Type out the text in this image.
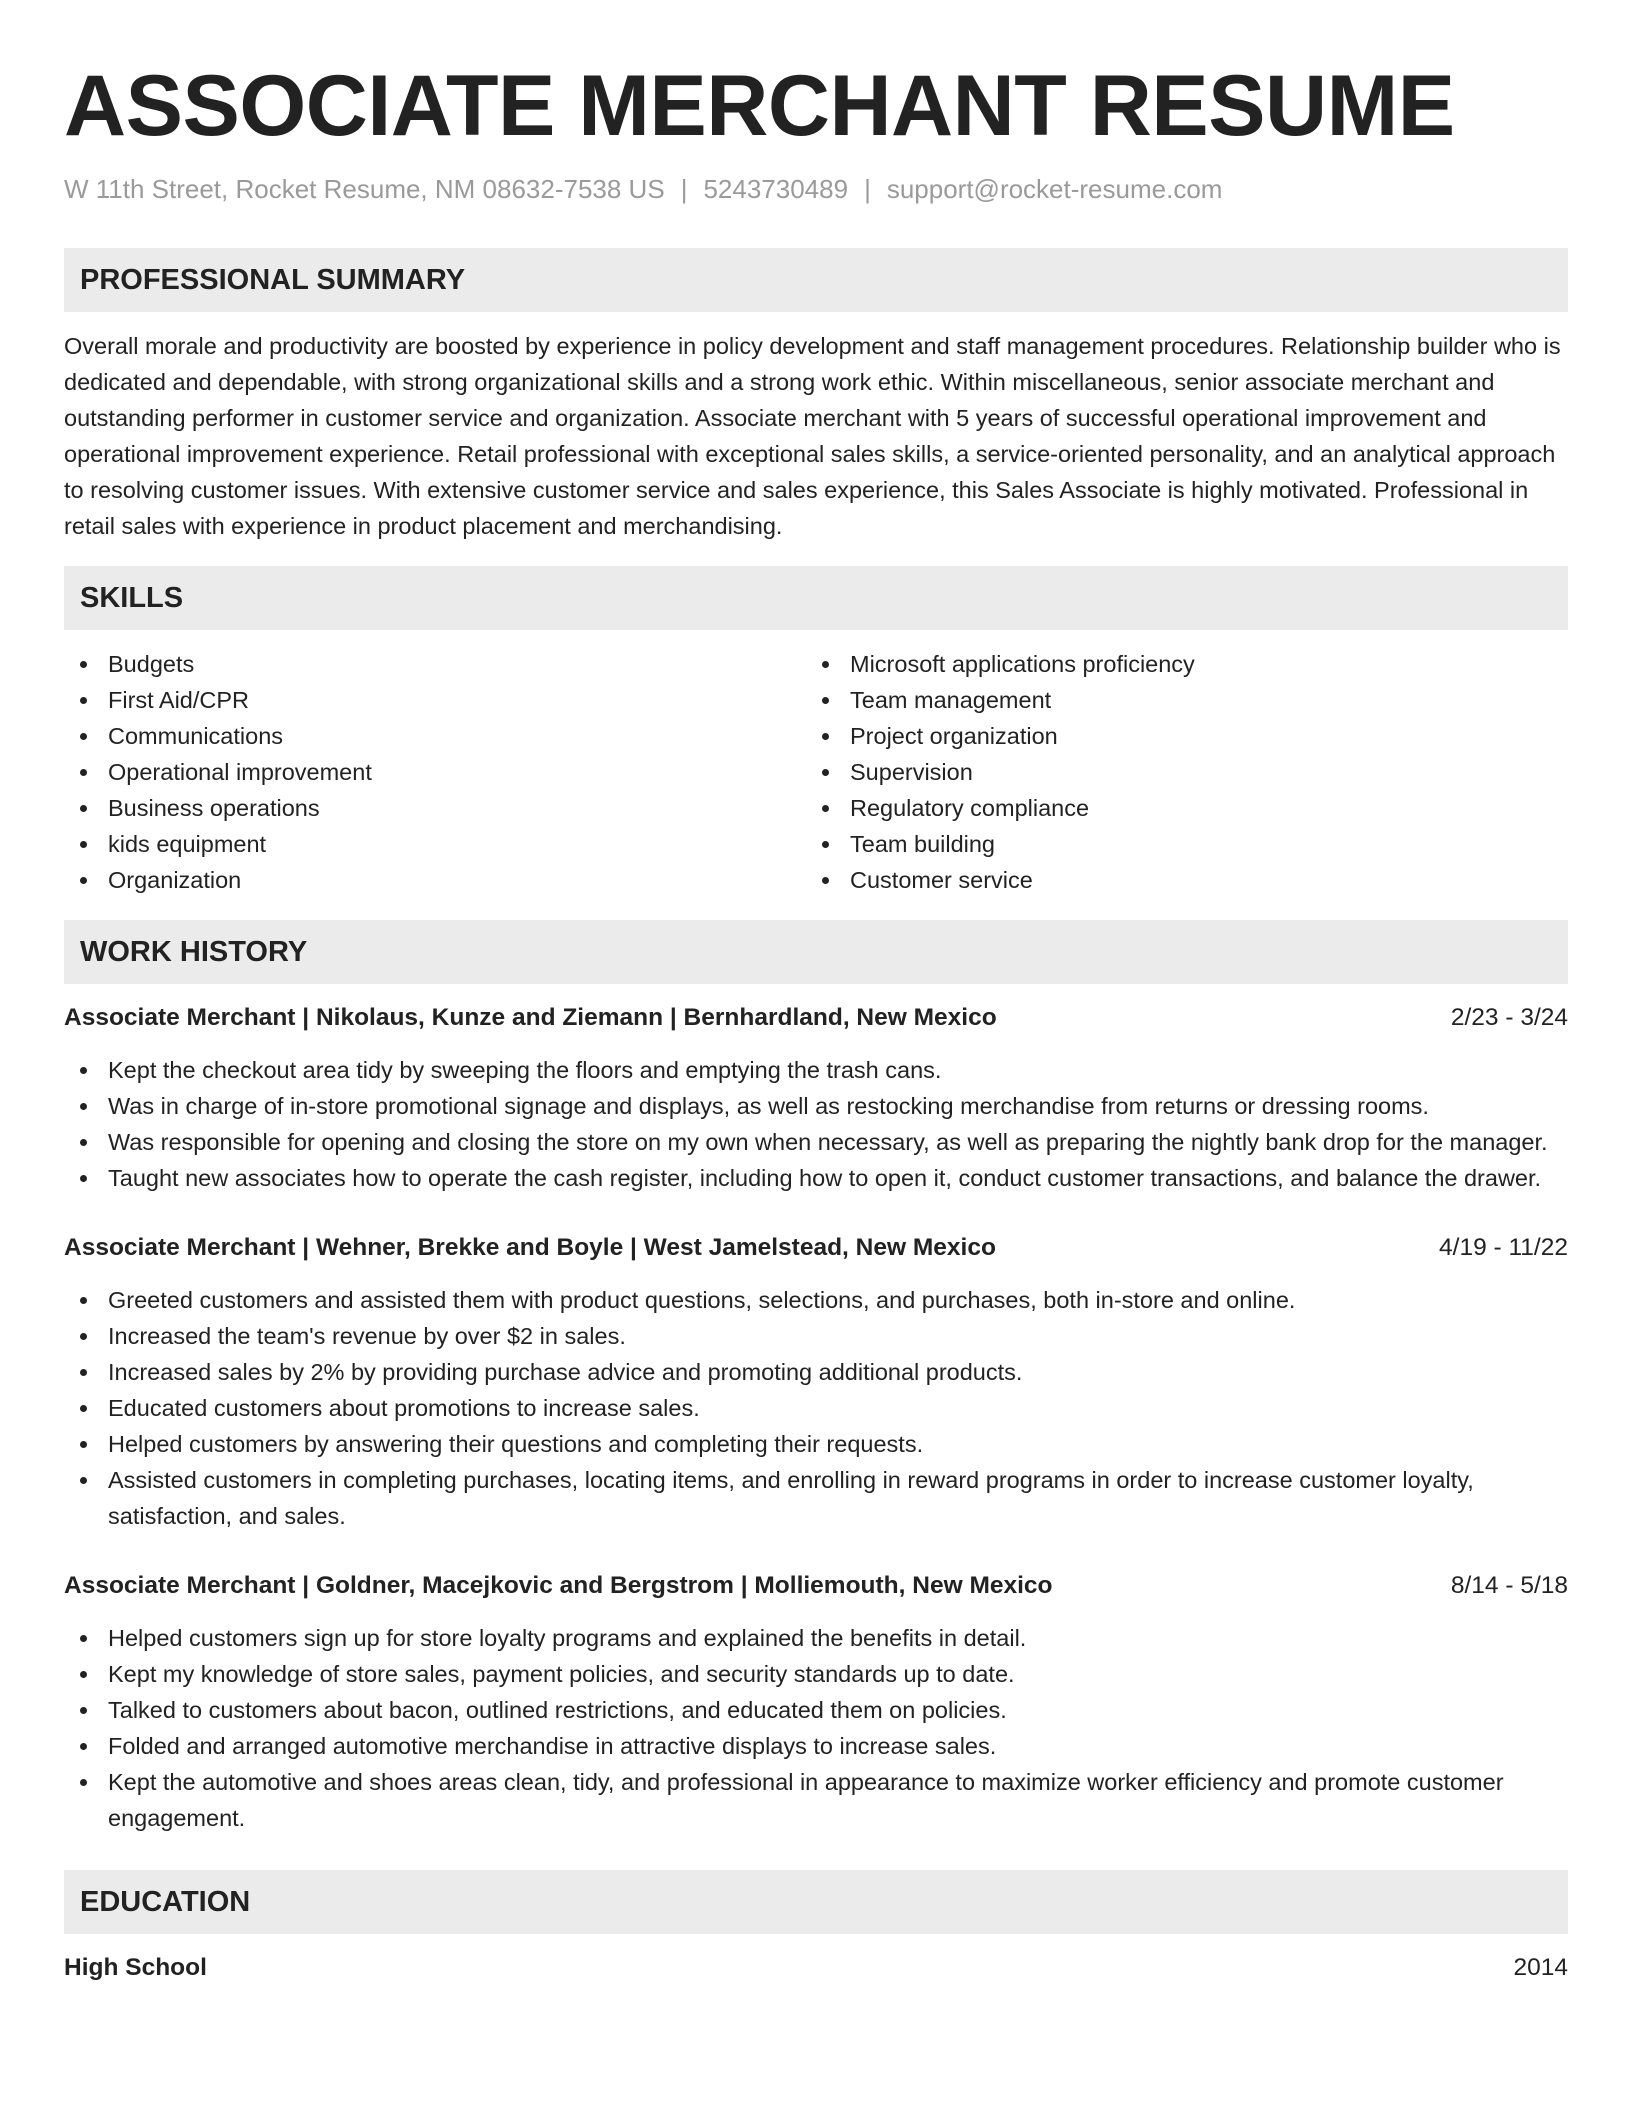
ASSOCIATE MERCHANT RESUME
W 11th Street, Rocket Resume, NM 08632-7538 US | 5243730489 | support@rocket-resume.com
PROFESSIONAL SUMMARY

Overall morale and productivity are boosted by experience in policy development and staff management procedures. Relationship builder who is dedicated and dependable, with strong organizational skills and a strong work ethic. Within miscellaneous, senior associate merchant and outstanding performer in customer service and organization. Associate merchant with 5 years of successful operational improvement and operational improvement experience. Retail professional with exceptional sales skills, a service-oriented personality, and an analytical approach to resolving customer issues. With extensive customer service and sales experience, this Sales Associate is highly motivated. Professional in retail sales with experience in product placement and merchandising.

SKILLS
Budgets
First Aid/CPR
Communications
Operational improvement
Business operations
kids equipment
Organization
Microsoft applications proficiency
Team management
Project organization
Supervision
Regulatory compliance
Team building
Customer service
WORK HISTORY
Associate Merchant | Nikolaus, Kunze and Ziemann | Bernhardland, New Mexico	2/23 - 3/24
Kept the checkout area tidy by sweeping the floors and emptying the trash cans.
Was in charge of in-store promotional signage and displays, as well as restocking merchandise from returns or dressing rooms.
Was responsible for opening and closing the store on my own when necessary, as well as preparing the nightly bank drop for the manager.
Taught new associates how to operate the cash register, including how to open it, conduct customer transactions, and balance the drawer.
Associate Merchant | Wehner, Brekke and Boyle | West Jamelstead, New Mexico	4/19 - 11/22
Greeted customers and assisted them with product questions, selections, and purchases, both in-store and online.
Increased the team's revenue by over $2 in sales.
Increased sales by 2% by providing purchase advice and promoting additional products.
Educated customers about promotions to increase sales.
Helped customers by answering their questions and completing their requests.
Assisted customers in completing purchases, locating items, and enrolling in reward programs in order to increase customer loyalty, satisfaction, and sales.
Associate Merchant | Goldner, Macejkovic and Bergstrom | Molliemouth, New Mexico	8/14 - 5/18
Helped customers sign up for store loyalty programs and explained the benefits in detail.
Kept my knowledge of store sales, payment policies, and security standards up to date.
Talked to customers about bacon, outlined restrictions, and educated them on policies.
Folded and arranged automotive merchandise in attractive displays to increase sales.
Kept the automotive and shoes areas clean, tidy, and professional in appearance to maximize worker efficiency and promote customer engagement.
EDUCATION
High School	2014
